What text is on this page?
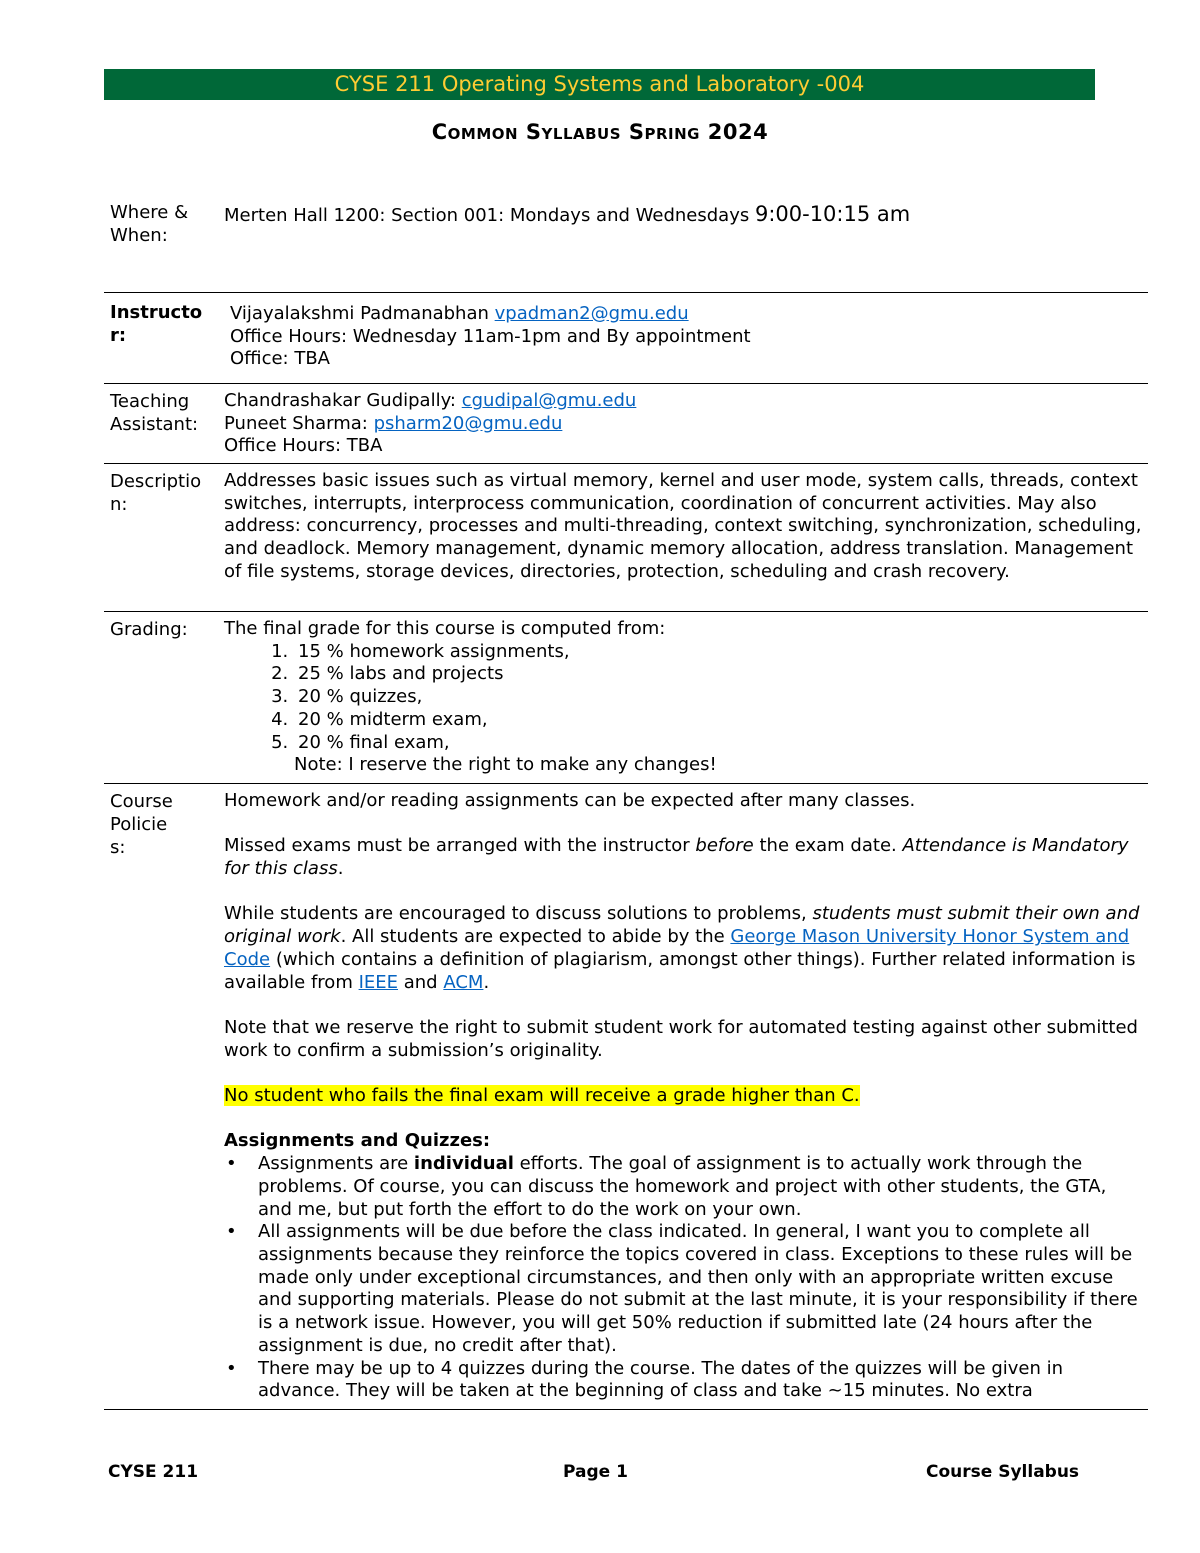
CYSE 211 Operating Systems and Laboratory -004
Common Syllabus Spring 2024
Where & When:
Merten Hall 1200: Section 001: Mondays and Wednesdays 9:00-10:15 am
Instructor:
Vijayalakshmi Padmanabhan vpadman2@gmu.edu
Office Hours: Wednesday 11am-1pm and By appointment
Office: TBA
Teaching Assistant:
Chandrashakar Gudipally: cgudipal@gmu.edu
Puneet Sharma: psharm20@gmu.edu
Office Hours: TBA
Description:
Addresses basic issues such as virtual memory, kernel and user mode, system calls, threads, context switches, interrupts, interprocess communication, coordination of concurrent activities. May also address: concurrency, processes and multi-threading, context switching, synchronization, scheduling, and deadlock. Memory management, dynamic memory allocation, address translation. Management of file systems, storage devices, directories, protection, scheduling and crash recovery.
Grading:	The final grade for this course is computed from:
1. 15 % homework assignments,
2. 25 % labs and projects
3. 20 % quizzes,
4. 20 % midterm exam,
5. 20 % final exam,
Note: I reserve the right to make any changes!
Course Policies:

Homework and/or reading assignments can be expected after many classes.

Missed exams must be arranged with the instructor before the exam date. Attendance is Mandatory for this class.

While students are encouraged to discuss solutions to problems, students must submit their own and original work. All students are expected to abide by the George Mason University Honor System and Code (which contains a definition of plagiarism, amongst other things). Further related information is available from IEEE and ACM.

Note that we reserve the right to submit student work for automated testing against other submitted work to confirm a submission’s originality.

No student who fails the final exam will receive a grade higher than C.

Assignments and Quizzes:

• Assignments are individual efforts. The goal of assignment is to actually work through the problems. Of course, you can discuss the homework and project with other students, the GTA, and me, but put forth the effort to do the work on your own.
• All assignments will be due before the class indicated. In general, I want you to complete all assignments because they reinforce the topics covered in class. Exceptions to these rules will be made only under exceptional circumstances, and then only with an appropriate written excuse and supporting materials. Please do not submit at the last minute, it is your responsibility if there is a network issue. However, you will get 50% reduction if submitted late (24 hours after the assignment is due, no credit after that).
• There may be up to 4 quizzes during the course. The dates of the quizzes will be given in advance. They will be taken at the beginning of class and take ~15 minutes. No extra
CYSE 211	Page 1	Course Syllabus
